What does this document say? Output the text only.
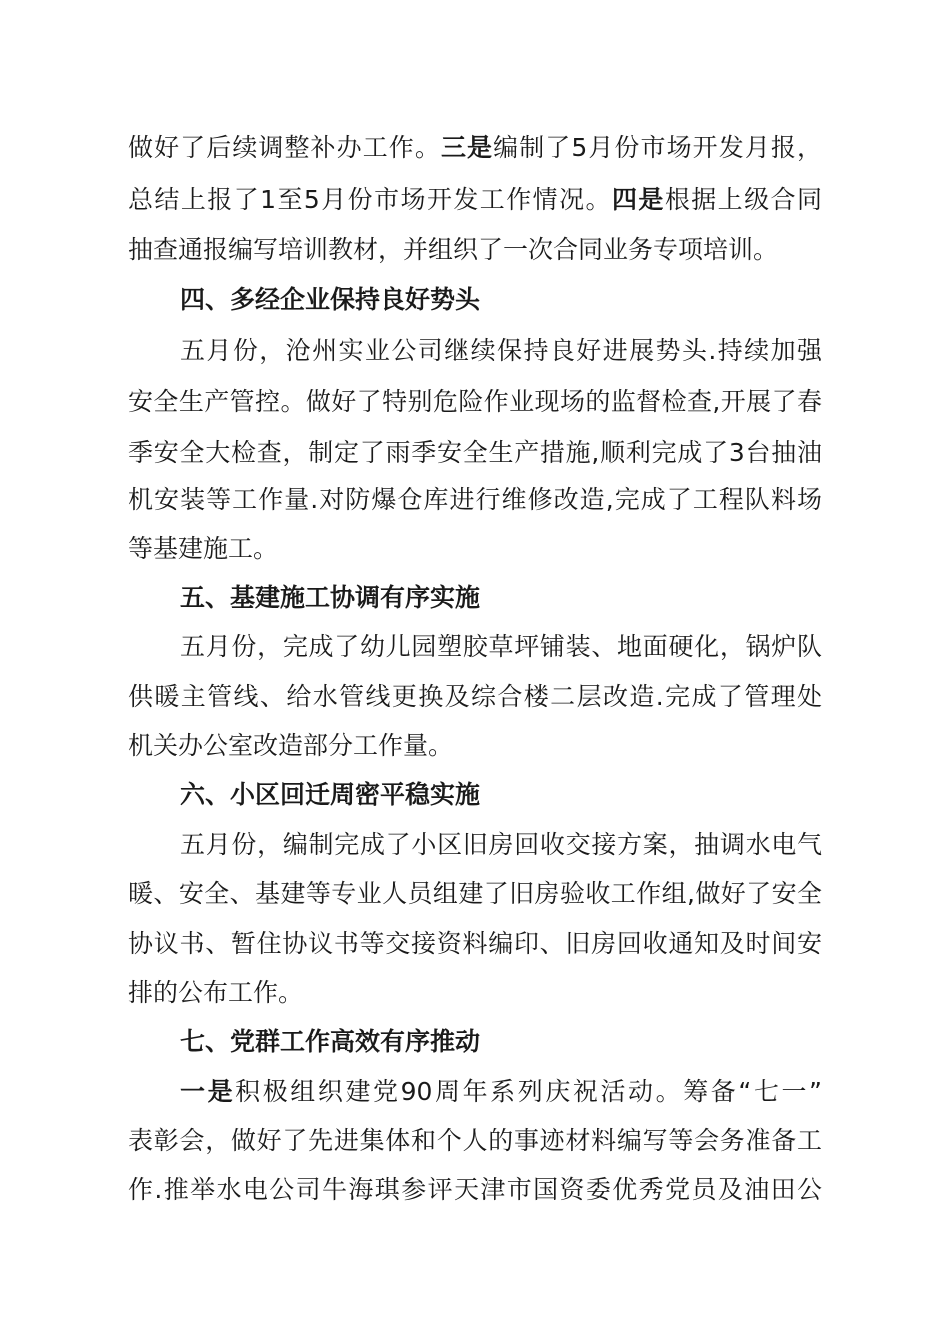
做好了后续调整补办工作。三是编制了5月份市场开发月报，
总结上报了1至5月份市场开发工作情况。四是根据上级合同
抽查通报编写培训教材，并组织了一次合同业务专项培训。
四、多经企业保持良好势头
五月份，沧州实业公司继续保持良好进展势头.持续加强
安全生产管控。做好了特别危险作业现场的监督检查,开展了春
季安全大检查，制定了雨季安全生产措施,顺利完成了3台抽油
机安装等工作量.对防爆仓库进行维修改造,完成了工程队料场
等基建施工。
五、基建施工协调有序实施
五月份，完成了幼儿园塑胶草坪铺装、地面硬化，锅炉队
供暖主管线、给水管线更换及综合楼二层改造.完成了管理处
机关办公室改造部分工作量。
六、小区回迁周密平稳实施
五月份，编制完成了小区旧房回收交接方案，抽调水电气
暖、安全、基建等专业人员组建了旧房验收工作组,做好了安全
协议书、暂住协议书等交接资料编印、旧房回收通知及时间安
排的公布工作。
七、党群工作高效有序推动
一是积极组织建党90周年系列庆祝活动。筹备“七一”
表彰会，做好了先进集体和个人的事迹材料编写等会务准备工
作.推举水电公司牛海琪参评天津市国资委优秀党员及油田公
